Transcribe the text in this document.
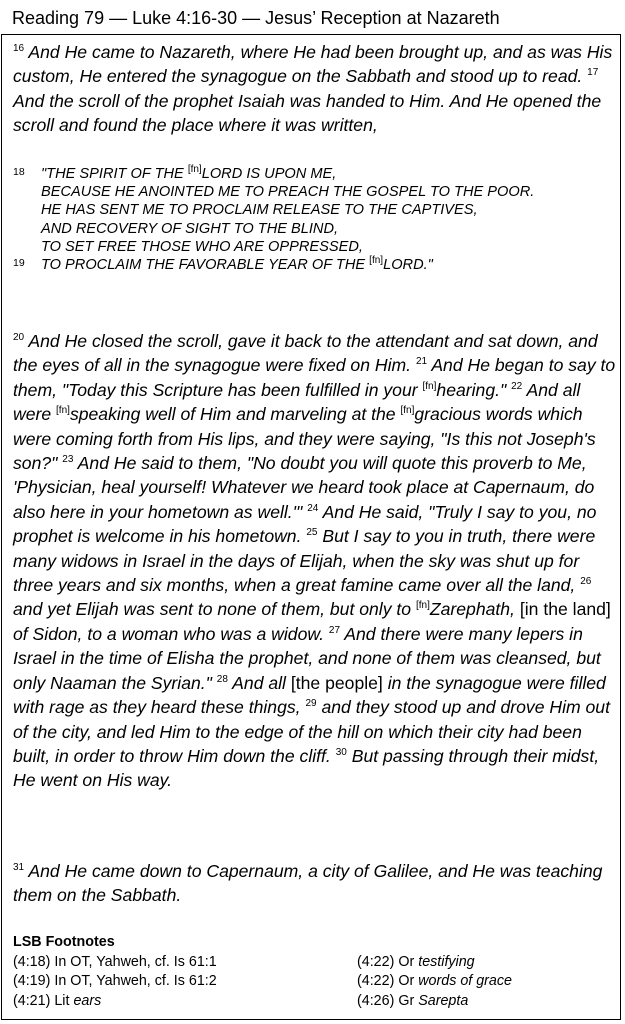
Reading 79 — Luke 4:16-30 — Jesus’ Reception at Nazareth
$^{16}$ And He came to Nazareth, where He had been brought up, and as was His custom, He entered the synagogue on the Sabbath and stood up to read. $^{17}$ And the scroll of the prophet Isaiah was handed to Him. And He opened the scroll and found the place where it was written,
18 "THE SPIRIT OF THE [fn]LORD IS UPON ME,
BECAUSE HE ANOINTED ME TO PREACH THE GOSPEL TO THE POOR.
HE HAS SENT ME TO PROCLAIM RELEASE TO THE CAPTIVES,
AND RECOVERY OF SIGHT TO THE BLIND,
TO SET FREE THOSE WHO ARE OPPRESSED,
19 TO PROCLAIM THE FAVORABLE YEAR OF THE [fn]LORD."
$^{20}$ And He closed the scroll, gave it back to the attendant and sat down, and the eyes of all in the synagogue were fixed on Him. $^{21}$ And He began to say to them, "Today this Scripture has been fulfilled in your [fn]hearing." $^{22}$ And all were [fn]speaking well of Him and marveling at the [fn]gracious words which were coming forth from His lips, and they were saying, "Is this not Joseph's son?" $^{23}$ And He said to them, "No doubt you will quote this proverb to Me, 'Physician, heal yourself! Whatever we heard took place at Capernaum, do also here in your hometown as well.'" $^{24}$ And He said, "Truly I say to you, no prophet is welcome in his hometown. $^{25}$ But I say to you in truth, there were many widows in Israel in the days of Elijah, when the sky was shut up for three years and six months, when a great famine came over all the land, $^{26}$ and yet Elijah was sent to none of them, but only to [fn]Zarephath, [in the land] of Sidon, to a woman who was a widow. $^{27}$ And there were many lepers in Israel in the time of Elisha the prophet, and none of them was cleansed, but only Naaman the Syrian." $^{28}$ And all [the people] in the synagogue were filled with rage as they heard these things, $^{29}$ and they stood up and drove Him out of the city, and led Him to the edge of the hill on which their city had been built, in order to throw Him down the cliff. $^{30}$ But passing through their midst, He went on His way.
$^{31}$ And He came down to Capernaum, a city of Galilee, and He was teaching them on the Sabbath.
LSB Footnotes
(4:18) In OT, Yahweh, cf. Is 61:1	(4:22) Or testifying
(4:19) In OT, Yahweh, cf. Is 61:2	(4:22) Or words of grace
(4:21) Lit ears	(4:26) Gr Sarepta
